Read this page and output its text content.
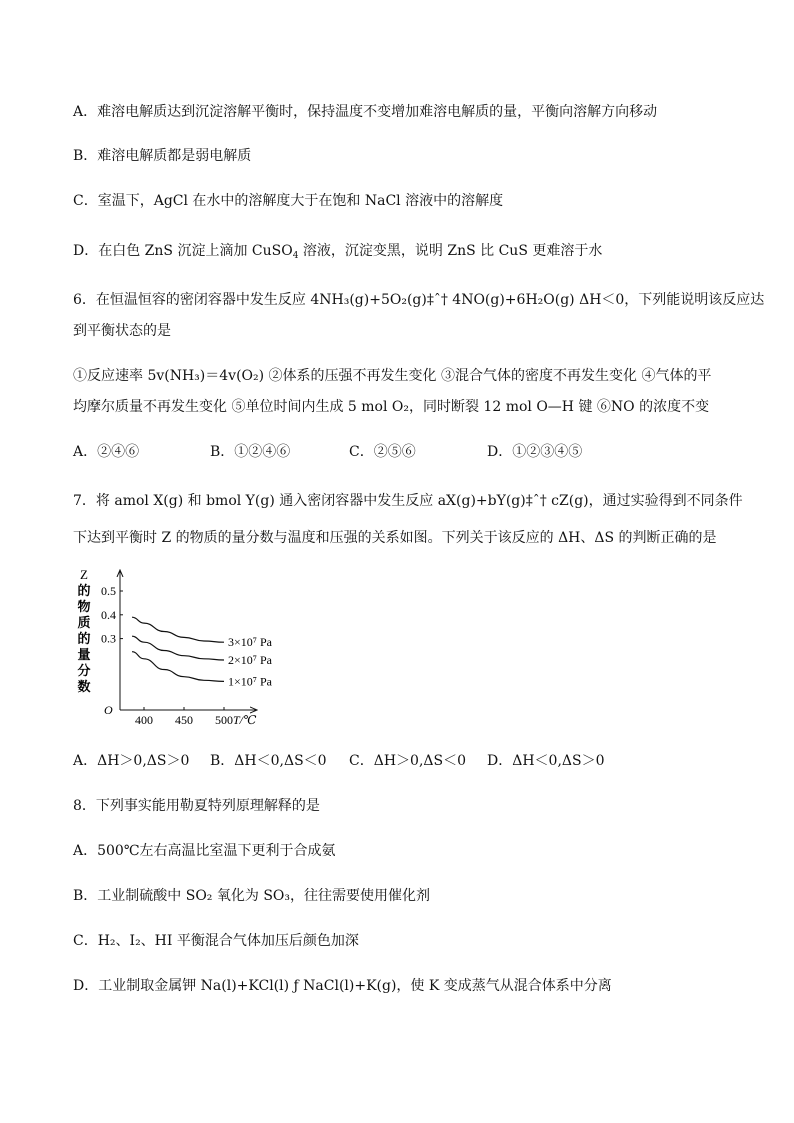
A．难溶电解质达到沉淀溶解平衡时，保持温度不变增加难溶电解质的量，平衡向溶解方向移动
B．难溶电解质都是弱电解质
C．室温下，AgCl 在水中的溶解度大于在饱和 NaCl 溶液中的溶解度
D．在白色 ZnS 沉淀上滴加 CuSO$_4$ 溶液，沉淀变黑，说明 ZnS 比 CuS 更难溶于水
6．在恒温恒容的密闭容器中发生反应 4NH₃(g)+5O₂(g)‡ˆ† 4NO(g)+6H₂O(g) ΔH＜0，下列能说明该反应达
到平衡状态的是
①反应速率 5v(NH₃)＝4v(O₂) ②体系的压强不再发生变化 ③混合气体的密度不再发生变化 ④气体的平
均摩尔质量不再发生变化 ⑤单位时间内生成 5 mol O₂，同时断裂 12 mol O—H 键 ⑥NO 的浓度不变
A．②④⑥	B．①②④⑥	C．②⑤⑥	D．①②③④⑤
7．将 amol X(g) 和 bmol Y(g) 通入密闭容器中发生反应 aX(g)+bY(g)‡ˆ† cZ(g)，通过实验得到不同条件
下达到平衡时 Z 的物质的量分数与温度和压强的关系如图。下列关于该反应的 ΔH、ΔS 的判断正确的是
Z
的
物
质
的
量
分
数
O
T/℃
400 450 500
0.3
0.4
0.5
3×10⁷ Pa
2×10⁷ Pa
1×10⁷ Pa
A．ΔH＞0,ΔS＞0 B．ΔH＜0,ΔS＜0 C．ΔH＞0,ΔS＜0 D．ΔH＜0,ΔS＞0
8．下列事实能用勒夏特列原理解释的是
A．500℃左右高温比室温下更利于合成氨
B．工业制硫酸中 SO₂ 氧化为 SO₃，往往需要使用催化剂
C．H₂、I₂、HI 平衡混合气体加压后颜色加深
D．工业制取金属钾 Na(l)+KCl(l) ƒ NaCl(l)+K(g)，使 K 变成蒸气从混合体系中分离
